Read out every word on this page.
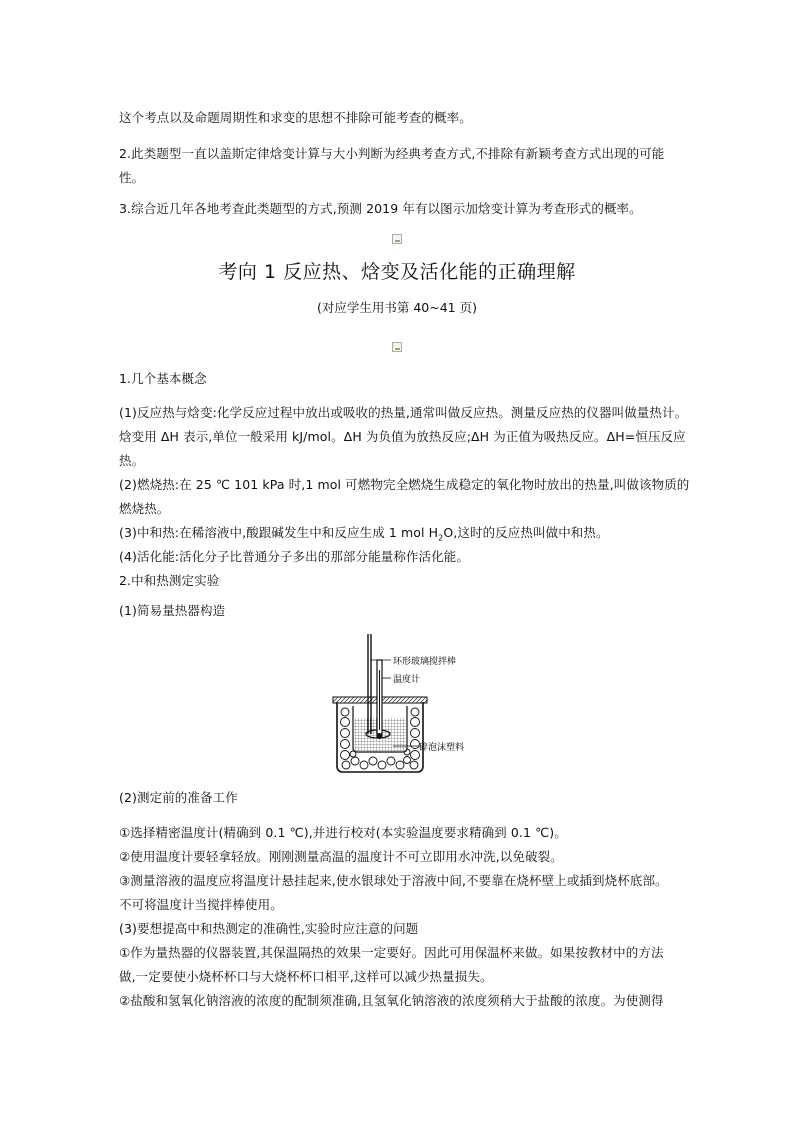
这个考点以及命题周期性和求变的思想不排除可能考查的概率。
2.此类题型一直以盖斯定律焓变计算与大小判断为经典考查方式,不排除有新颖考查方式出现的可能
性。
3.综合近几年各地考查此类题型的方式,预测 2019 年有以图示加焓变计算为考查形式的概率。
考向 1 反应热、焓变及活化能的正确理解
(对应学生用书第 40~41 页)
1.几个基本概念
(1)反应热与焓变:化学反应过程中放出或吸收的热量,通常叫做反应热。测量反应热的仪器叫做量热计。
焓变用 ΔH 表示,单位一般采用 kJ/mol。ΔH 为负值为放热反应;ΔH 为正值为吸热反应。ΔH=恒压反应
热。
(2)燃烧热:在 25 ℃ 101 kPa 时,1 mol 可燃物完全燃烧生成稳定的氧化物时放出的热量,叫做该物质的
燃烧热。
(3)中和热:在稀溶液中,酸跟碱发生中和反应生成 1 mol $H_2O$,这时的反应热叫做中和热。
(4)活化能:活化分子比普通分子多出的那部分能量称作活化能。
2.中和热测定实验
(1)简易量热器构造
环形玻璃搅拌棒
温度计
碎泡沫塑料
(2)测定前的准备工作
①选择精密温度计(精确到 0.1 ℃),并进行校对(本实验温度要求精确到 0.1 ℃)。
②使用温度计要轻拿轻放。刚刚测量高温的温度计不可立即用水冲洗,以免破裂。
③测量溶液的温度应将温度计悬挂起来,使水银球处于溶液中间,不要靠在烧杯壁上或插到烧杯底部。
不可将温度计当搅拌棒使用。
(3)要想提高中和热测定的准确性,实验时应注意的问题
①作为量热器的仪器装置,其保温隔热的效果一定要好。因此可用保温杯来做。如果按教材中的方法
做,一定要使小烧杯杯口与大烧杯杯口相平,这样可以减少热量损失。
②盐酸和氢氧化钠溶液的浓度的配制须准确,且氢氧化钠溶液的浓度须稍大于盐酸的浓度。为使测得
